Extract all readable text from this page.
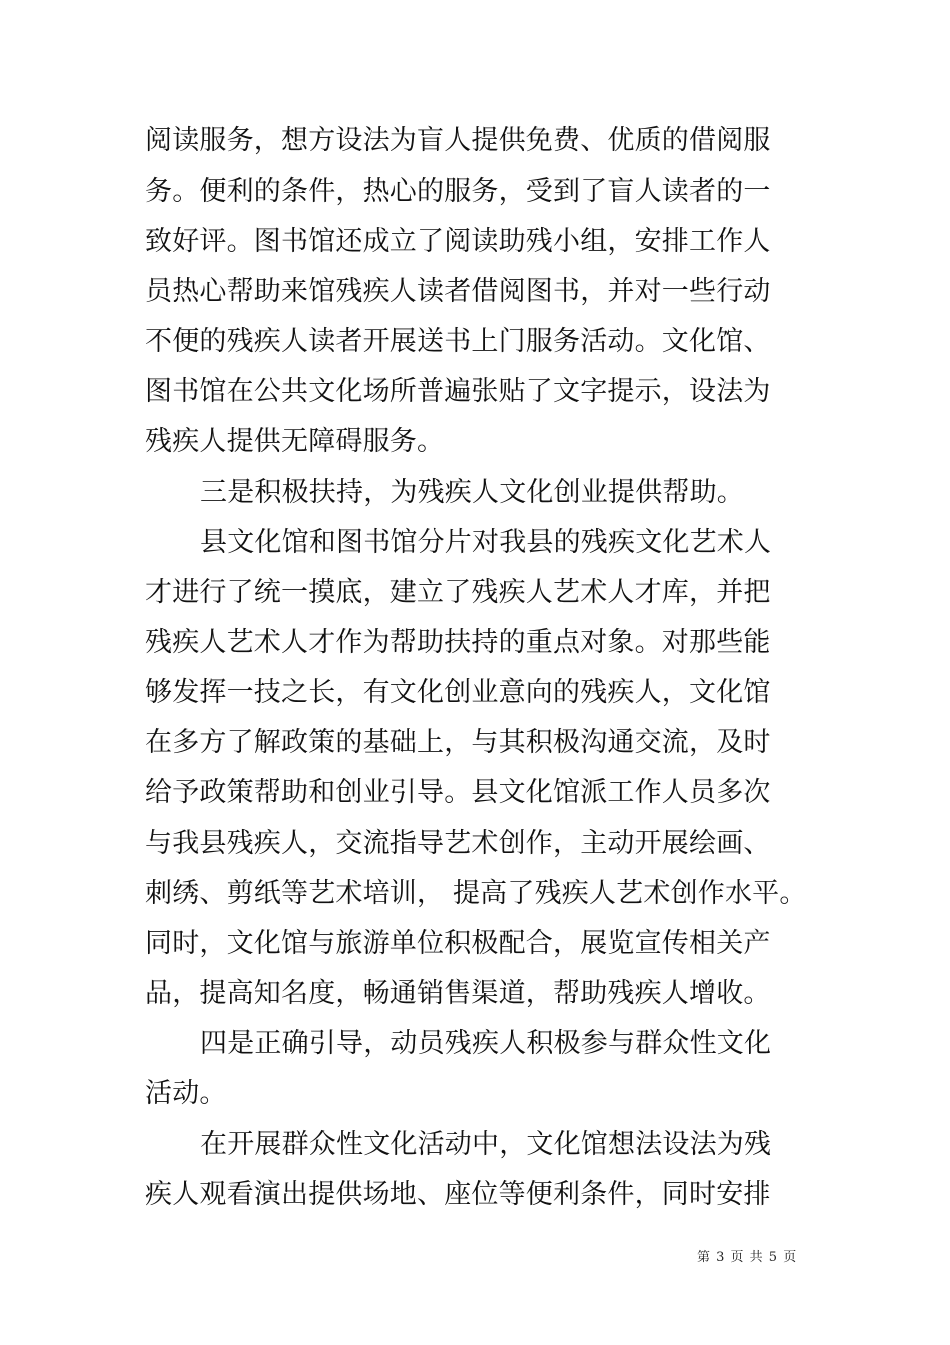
阅读服务，想方设法为盲人提供免费、优质的借阅服
务。便利的条件，热心的服务，受到了盲人读者的一
致好评。图书馆还成立了阅读助残小组，安排工作人
员热心帮助来馆残疾人读者借阅图书，并对一些行动
不便的残疾人读者开展送书上门服务活动。文化馆、
图书馆在公共文化场所普遍张贴了文字提示，设法为
残疾人提供无障碍服务。
三是积极扶持，为残疾人文化创业提供帮助。
县文化馆和图书馆分片对我县的残疾文化艺术人
才进行了统一摸底，建立了残疾人艺术人才库，并把
残疾人艺术人才作为帮助扶持的重点对象。对那些能
够发挥一技之长，有文化创业意向的残疾人，文化馆
在多方了解政策的基础上，与其积极沟通交流，及时
给予政策帮助和创业引导。县文化馆派工作人员多次
与我县残疾人，交流指导艺术创作，主动开展绘画、
刺绣、剪纸等艺术培训， 提高了残疾人艺术创作水平。
同时，文化馆与旅游单位积极配合，展览宣传相关产
品，提高知名度，畅通销售渠道，帮助残疾人增收。
四是正确引导，动员残疾人积极参与群众性文化
活动。
在开展群众性文化活动中，文化馆想法设法为残
疾人观看演出提供场地、座位等便利条件，同时安排
第 3 页 共 5 页
